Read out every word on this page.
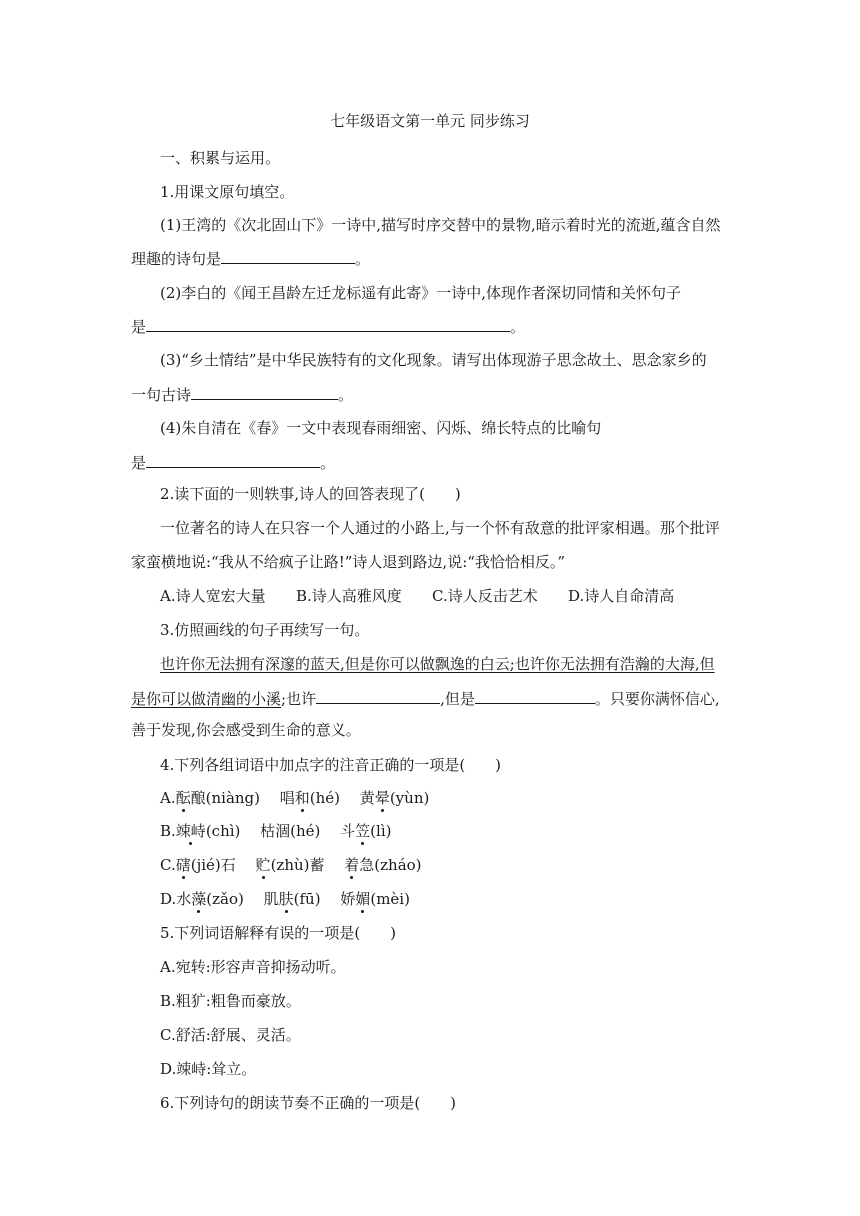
七年级语文第一单元 同步练习
一、积累与运用。
1.用课文原句填空。
(1)王湾的《次北固山下》一诗中,描写时序交替中的景物,暗示着时光的流逝,蕴含自然
理趣的诗句是	。
(2)李白的《闻王昌龄左迁龙标遥有此寄》一诗中,体现作者深切同情和关怀句子
是	。
(3)“乡土情结”是中华民族特有的文化现象。请写出体现游子思念故土、思念家乡的
一句古诗	。
(4)朱自清在《春》一文中表现春雨细密、闪烁、绵长特点的比喻句
是	。
2.读下面的一则轶事,诗人的回答表现了(　　)
一位著名的诗人在只容一个人通过的小路上,与一个怀有敌意的批评家相遇。那个批评
家蛮横地说:“我从不给疯子让路!”诗人退到路边,说:“我恰恰相反。”
A.诗人宽宏大量 B.诗人高雅风度 C.诗人反击艺术 D.诗人自命清高
3.仿照画线的句子再续写一句。
也许你无法拥有深邃的蓝天,但是你可以做飘逸的白云;也许你无法拥有浩瀚的大海,但
是你可以做清幽的小溪;也许	,但是	。只要你满怀信心,
善于发现,你会感受到生命的意义。
4.下列各组词语中加点字的注音正确的一项是(　　)
A.酝酿(niàng)　 唱和(hé)　 黄晕(yùn)
B.竦峙(chì)　 枯涸(hé)　 斗笠(lì)
C.磍(jié)石　 贮(zhù)蓄　 着急(zháo)
D.水藻(zǎo)　 肌肤(fū)　 娇媚(mèi)
5.下列词语解释有误的一项是(　　)
A.宛转:形容声音抑扬动听。
B.粗犷:粗鲁而豪放。
C.舒活:舒展、灵活。
D.竦峙:耸立。
6.下列诗句的朗读节奏不正确的一项是(　　)
